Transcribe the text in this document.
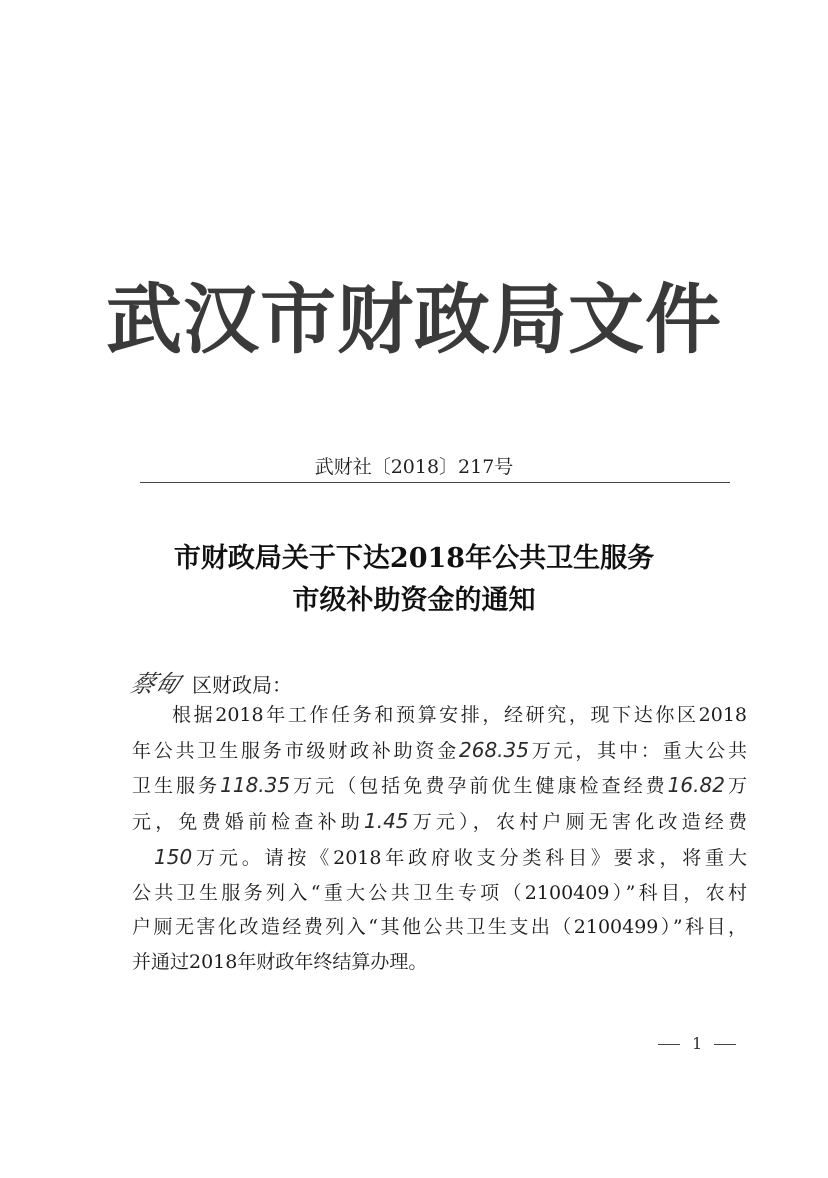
武汉市财政局文件
武财社〔2018〕217号
市财政局关于下达2018年公共卫生服务
市级补助资金的通知
蔡甸 区财政局：
根据2018年工作任务和预算安排，经研究，现下达你区2018
年公共卫生服务市级财政补助资金268.35万元，其中：重大公共
卫生服务118.35万元（包括免费孕前优生健康检查经费16.82万
元，免费婚前检查补助1.45万元），农村户厕无害化改造经费
150万元。请按《2018年政府收支分类科目》要求，将重大
公共卫生服务列入“重大公共卫生专项（2100409）”科目，农村
户厕无害化改造经费列入“其他公共卫生支出（2100499）”科目，
并通过2018年财政年终结算办理。
1
